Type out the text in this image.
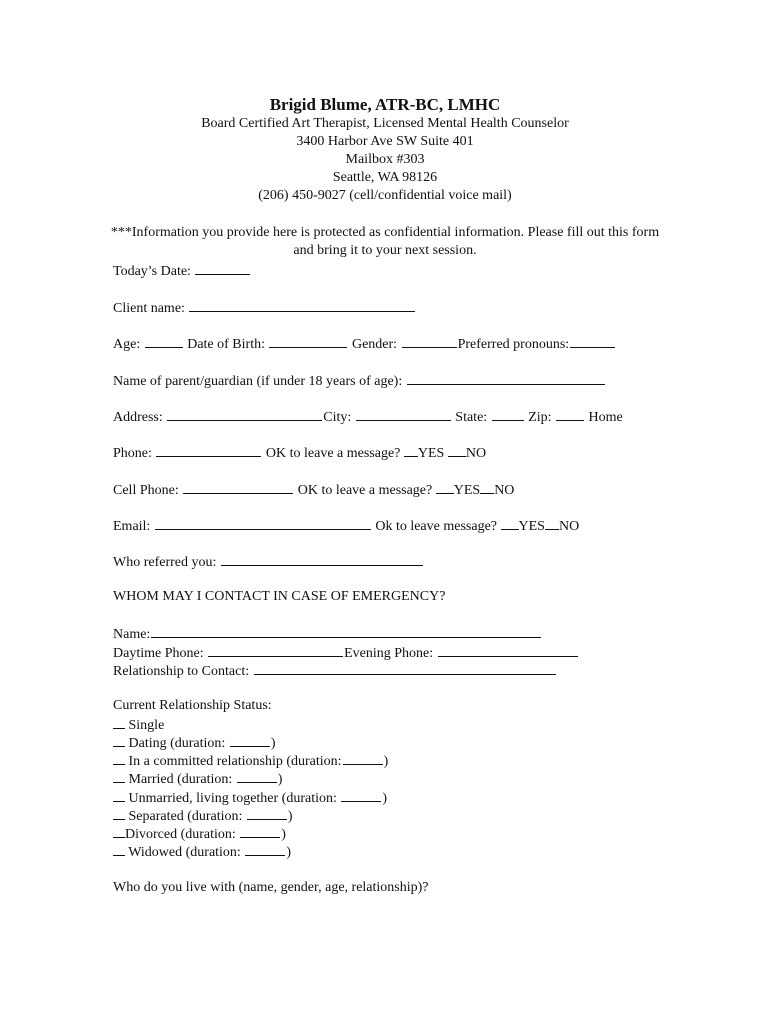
Brigid Blume, ATR-BC, LMHC
Board Certified Art Therapist, Licensed Mental Health Counselor
3400 Harbor Ave SW Suite 401
Mailbox #303
Seattle, WA 98126
(206) 450-9027 (cell/confidential voice mail)
***Information you provide here is protected as confidential information. Please fill out this form and bring it to your next session.
Today’s Date:
Client name:
Age:	Date of Birth:	Gender:	Preferred pronouns:
Name of parent/guardian (if under 18 years of age):
Address:	City:	State:	Zip:	Home
Phone:	OK to leave a message? YES NO
Cell Phone:	OK to leave a message? YES NO
Email:	Ok to leave message? YES NO
Who referred you:
WHOM MAY I CONTACT IN CASE OF EMERGENCY?
Name:
Daytime Phone:	Evening Phone:
Relationship to Contact:
Current Relationship Status:
Single
Dating (duration:	)
In a committed relationship (duration:	)
Married (duration:	)
Unmarried, living together (duration:	)
Separated (duration:	)
Divorced (duration:	)
Widowed (duration:	)
Who do you live with (name, gender, age, relationship)?
